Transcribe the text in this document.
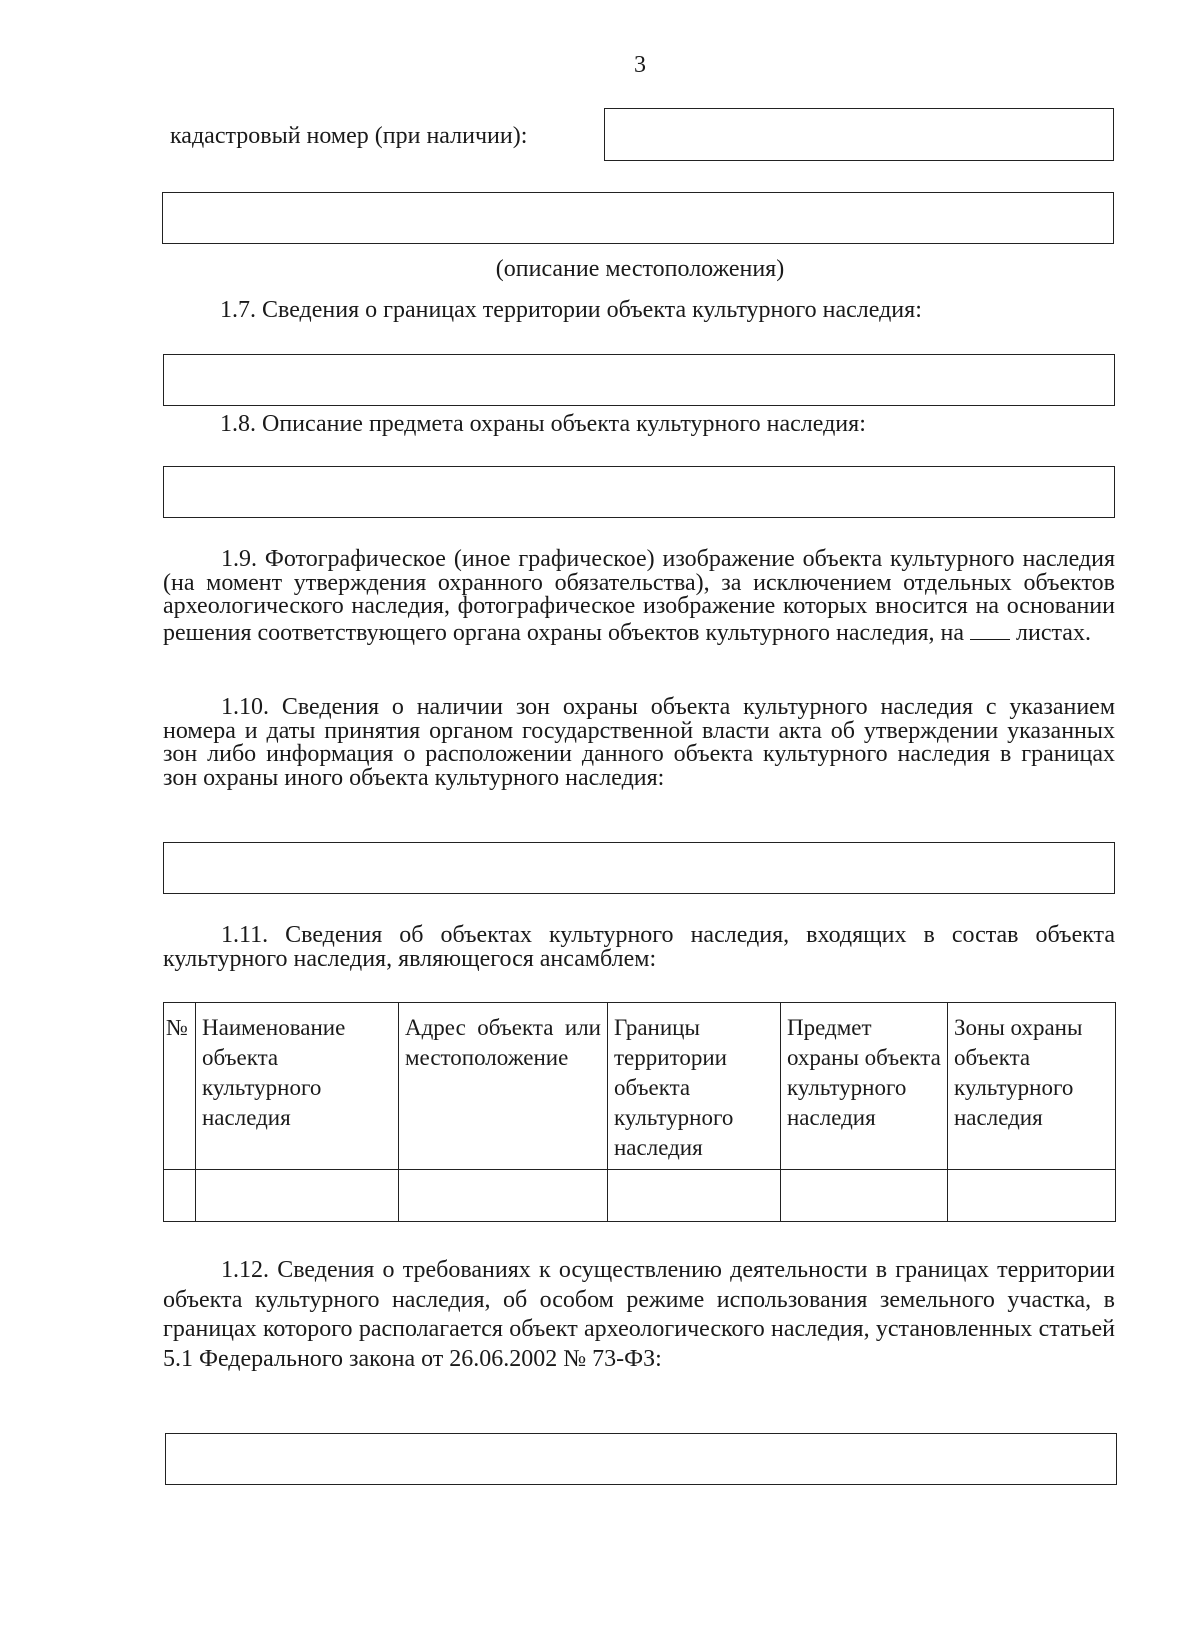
3
кадастровый номер (при наличии):
(описание местоположения)
1.7. Сведения о границах территории объекта культурного наследия:
1.8. Описание предмета охраны объекта культурного наследия:
1.9. Фотографическое (иное графическое) изображение объекта культурного наследия (на момент утверждения охранного обязательства), за исключением отдельных объектов археологического наследия, фотографическое изображение которых вносится на основании решения соответствующего органа охраны объектов культурного наследия, на листах.
1.10. Сведения о наличии зон охраны объекта культурного наследия с указанием номера и даты принятия органом государственной власти акта об утверждении указанных зон либо информация о расположении данного объекта культурного наследия в границах зон охраны иного объекта культурного наследия:
1.11. Сведения об объектах культурного наследия, входящих в состав объекта культурного наследия, являющегося ансамблем:
№	Наименование объекта культурного наследия	Адрес объекта или местоположение	Границы территории объекта культурного наследия	Предмет охраны объекта культурного наследия	Зоны охраны объекта культурного наследия

1.12. Сведения о требованиях к осуществлению деятельности в границах территории объекта культурного наследия, об особом режиме использования земельного участка, в границах которого располагается объект археологического наследия, установленных статьей 5.1 Федерального закона от 26.06.2002 № 73-ФЗ:
